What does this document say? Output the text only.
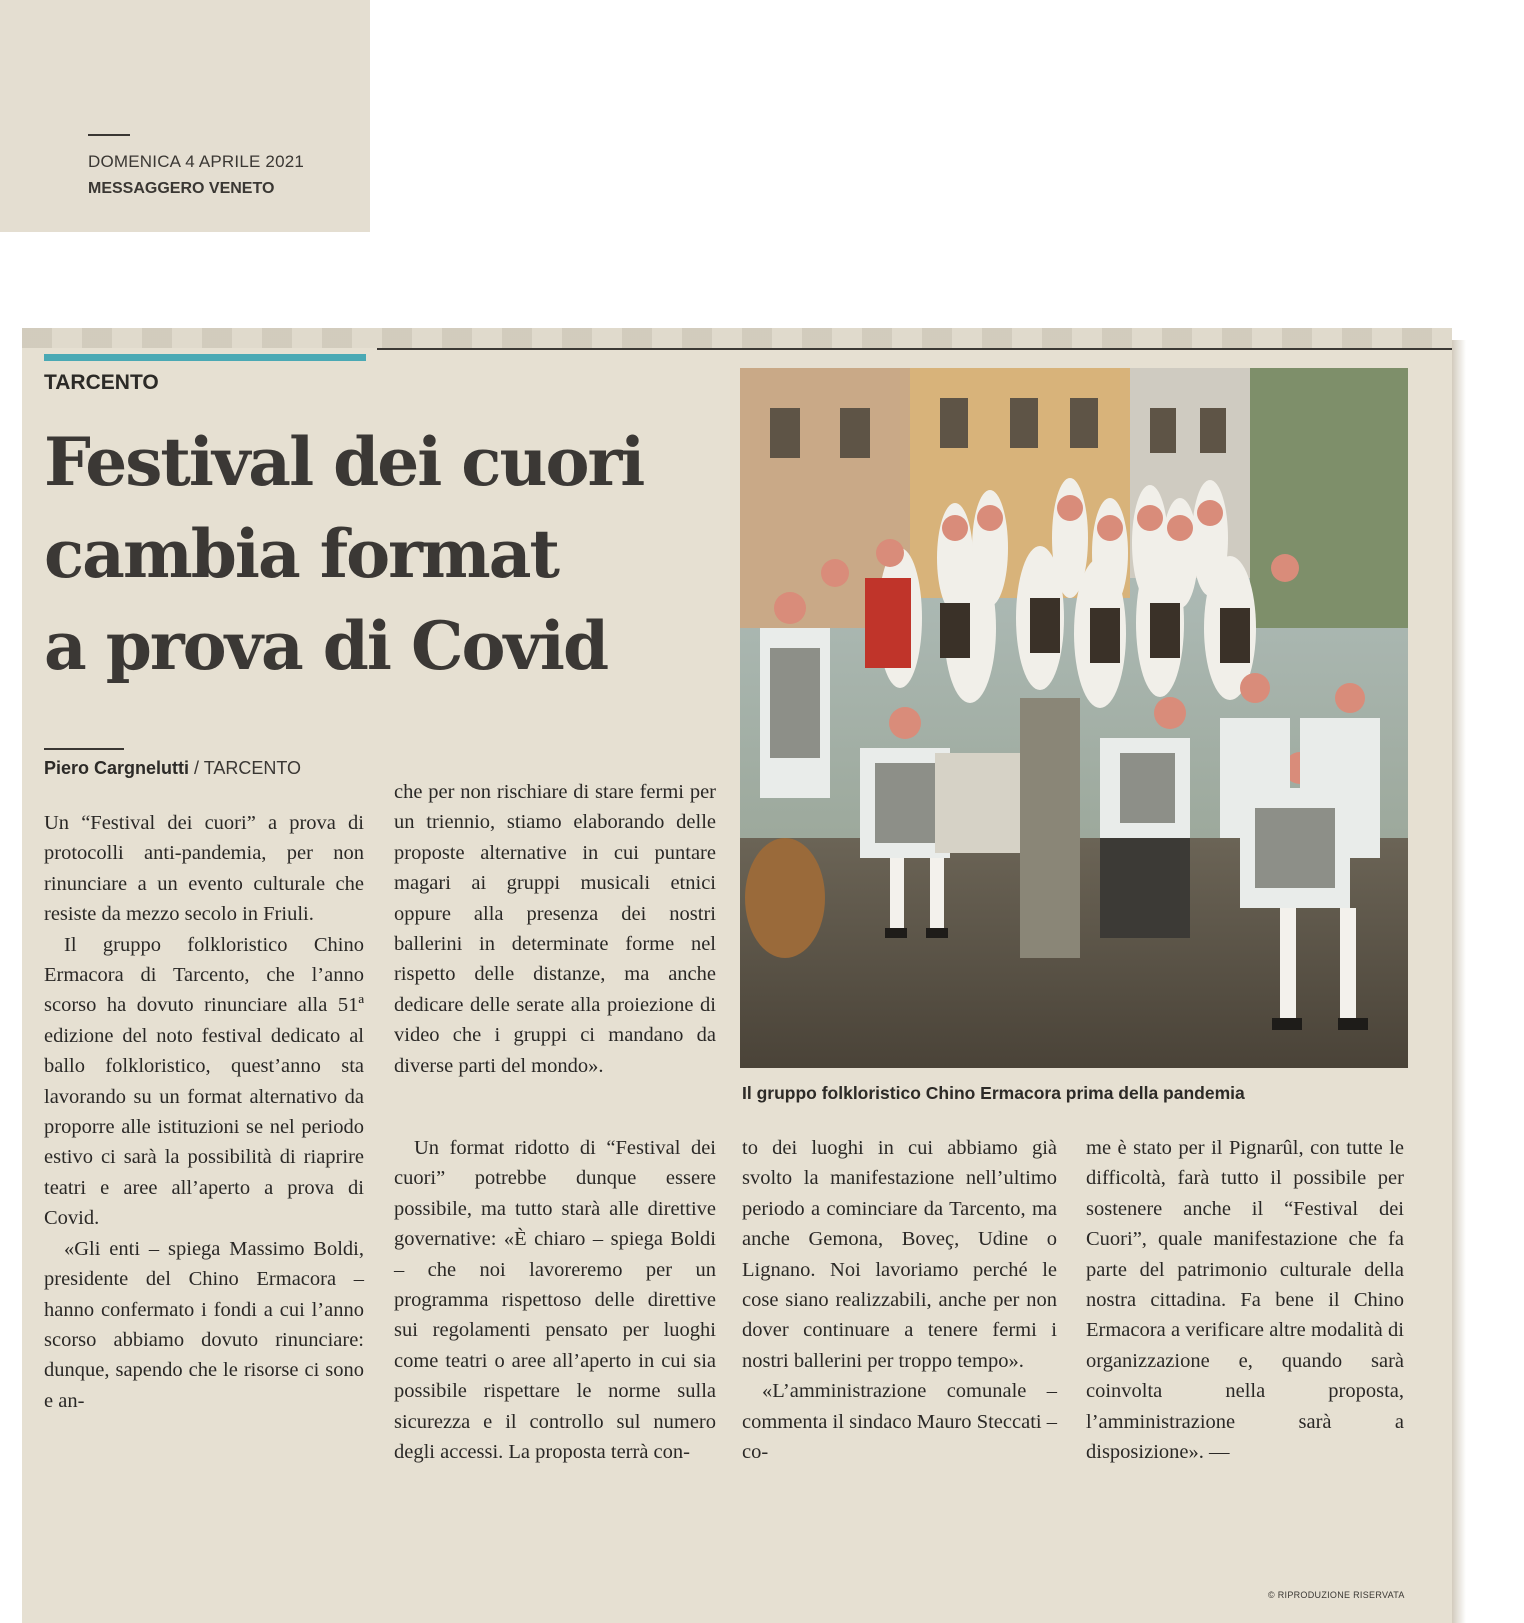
DOMENICA 4 APRILE 2021
MESSAGGERO VENETO
TARCENTO
Festival dei cuori
cambia format
a prova di Covid
Piero Cargnelutti / TARCENTO

Un “Festival dei cuori” a prova di protocolli anti-pandemia, per non rinunciare a un evento culturale che resiste da mezzo secolo in Friuli.

Il gruppo folkloristico Chino Ermacora di Tarcento, che l’anno scorso ha dovuto rinunciare alla 51ª edizione del noto festival dedicato al ballo folkloristico, quest’anno sta lavorando su un format alternativo da proporre alle istituzioni se nel periodo estivo ci sarà la possibilità di riaprire teatri e aree all’aperto a prova di Covid.

«Gli enti – spiega Massimo Boldi, presidente del Chino Ermacora – hanno confermato i fondi a cui l’anno scorso abbiamo dovuto rinunciare: dunque, sapendo che le risorse ci sono e an-

che per non rischiare di stare fermi per un triennio, stiamo elaborando delle proposte alternative in cui puntare magari ai gruppi musicali etnici oppure alla presenza dei nostri ballerini in determinate forme nel rispetto delle distanze, ma anche dedicare delle serate alla proiezione di video che i gruppi ci mandano da diverse parti del mondo».

Un format ridotto di “Festival dei cuori” potrebbe dunque essere possibile, ma tutto starà alle direttive governative: «È chiaro – spiega Boldi – che noi lavoreremo per un programma rispettoso delle direttive sui regolamenti pensato per luoghi come teatri o aree all’aperto in cui sia possibile rispettare le norme sulla sicurezza e il controllo sul numero degli accessi. La proposta terrà con-

Il gruppo folkloristico Chino Ermacora prima della pandemia

to dei luoghi in cui abbiamo già svolto la manifestazione nell’ultimo periodo a cominciare da Tarcento, ma anche Gemona, Boveç, Udine o Lignano. Noi lavoriamo perché le cose siano realizzabili, anche per non dover continuare a tenere fermi i nostri ballerini per troppo tempo».

«L’amministrazione comunale – commenta il sindaco Mauro Steccati – co-

me è stato per il Pignarûl, con tutte le difficoltà, farà tutto il possibile per sostenere anche il “Festival dei Cuori”, quale manifestazione che fa parte del patrimonio culturale della nostra cittadina. Fa bene il Chino Ermacora a verificare altre modalità di organizzazione e, quando sarà coinvolta nella proposta, l’amministrazione sarà a disposizione». —

© RIPRODUZIONE RISERVATA
